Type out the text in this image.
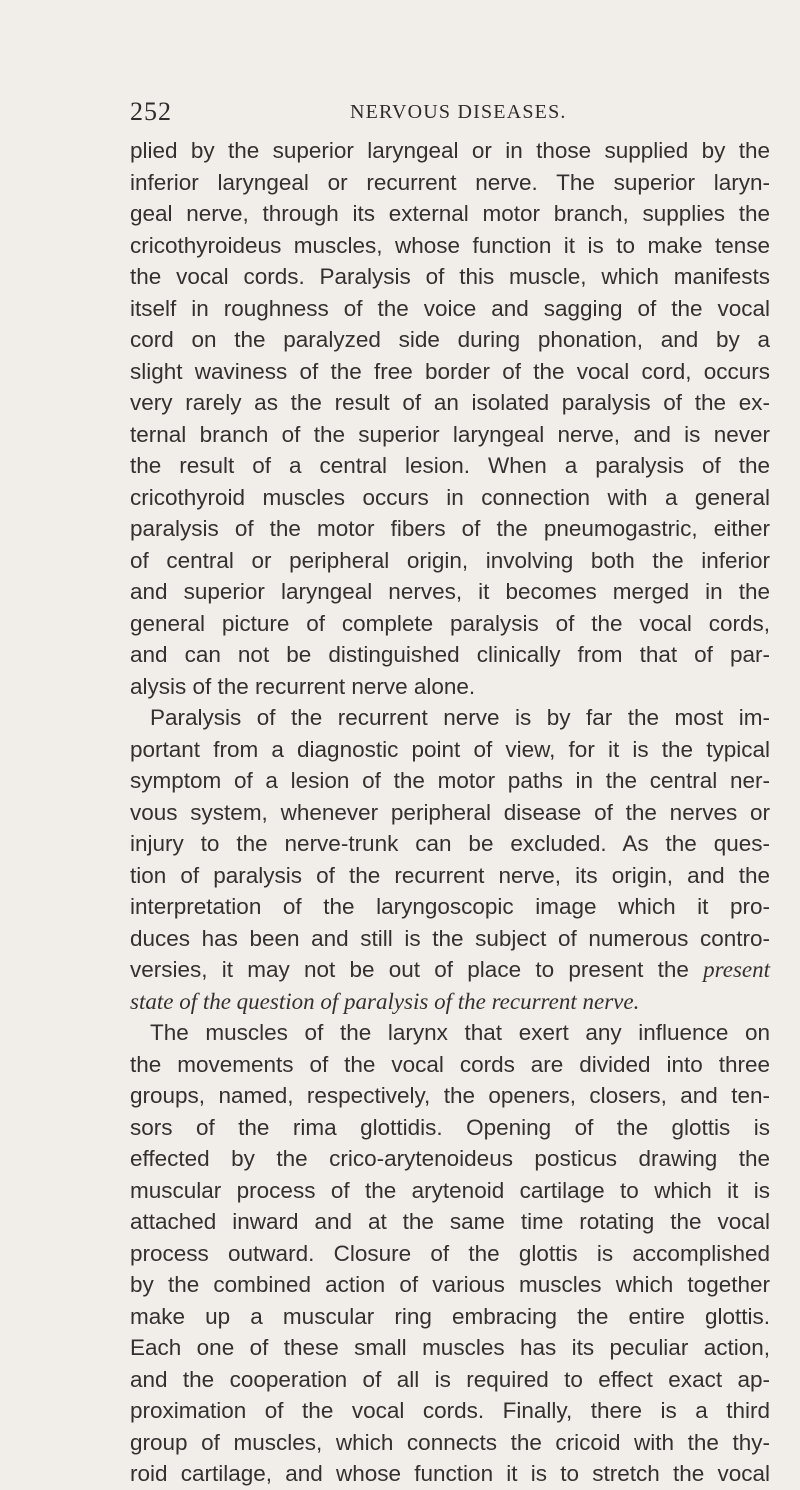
252	NERVOUS DISEASES.
plied by the superior laryngeal or in those supplied by the
inferior laryngeal or recurrent nerve. The superior laryn-
geal nerve, through its external motor branch, supplies the
cricothyroideus muscles, whose function it is to make tense
the vocal cords. Paralysis of this muscle, which manifests
itself in roughness of the voice and sagging of the vocal
cord on the paralyzed side during phonation, and by a
slight waviness of the free border of the vocal cord, occurs
very rarely as the result of an isolated paralysis of the ex-
ternal branch of the superior laryngeal nerve, and is never
the result of a central lesion. When a paralysis of the
cricothyroid muscles occurs in connection with a general
paralysis of the motor fibers of the pneumogastric, either
of central or peripheral origin, involving both the inferior
and superior laryngeal nerves, it becomes merged in the
general picture of complete paralysis of the vocal cords,
and can not be distinguished clinically from that of par-
alysis of the recurrent nerve alone.
Paralysis of the recurrent nerve is by far the most im-
portant from a diagnostic point of view, for it is the typical
symptom of a lesion of the motor paths in the central ner-
vous system, whenever peripheral disease of the nerves or
injury to the nerve-trunk can be excluded. As the ques-
tion of paralysis of the recurrent nerve, its origin, and the
interpretation of the laryngoscopic image which it pro-
duces has been and still is the subject of numerous contro-
versies, it may not be out of place to present the present
state of the question of paralysis of the recurrent nerve.
The muscles of the larynx that exert any influence on
the movements of the vocal cords are divided into three
groups, named, respectively, the openers, closers, and ten-
sors of the rima glottidis. Opening of the glottis is
effected by the crico-arytenoideus posticus drawing the
muscular process of the arytenoid cartilage to which it is
attached inward and at the same time rotating the vocal
process outward. Closure of the glottis is accomplished
by the combined action of various muscles which together
make up a muscular ring embracing the entire glottis.
Each one of these small muscles has its peculiar action,
and the cooperation of all is required to effect exact ap-
proximation of the vocal cords. Finally, there is a third
group of muscles, which connects the cricoid with the thy-
roid cartilage, and whose function it is to stretch the vocal
